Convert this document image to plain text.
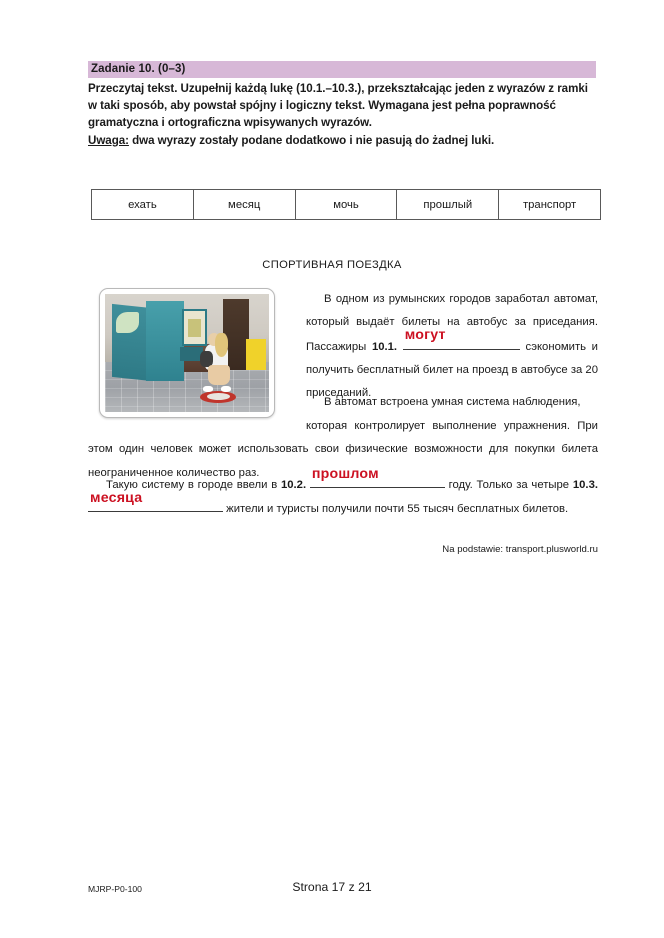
Zadanie 10. (0–3)
Przeczytaj tekst. Uzupełnij każdą lukę (10.1.–10.3.), przekształcając jeden z wyrazów z ramki w taki sposób, aby powstał spójny i logiczny tekst. Wymagana jest pełna poprawność gramatyczna i ortograficzna wpisywanych wyrazów.
Uwaga: dwa wyrazy zostały podane dodatkowo i nie pasują do żadnej luki.
ехать	месяц	мочь	прошлый	транспорт
СПОРТИВНАЯ ПОЕЗДКА
В одном из румынских городов заработал автомат, который выдаёт билеты на автобус за приседания. Пассажиры 10.1.
могут
сэкономить и получить бесплатный билет на проезд в автобусе за 20 приседаний.
В автомат встроена умная система наблюдения,
которая контролирует выполнение упражнения. При этом один человек может использовать свои физические возможности для покупки билета неограниченное количество раз.
Такую систему в городе ввели в 10.2.
прошлом
году. Только за четыре 10.3.
месяца
жители и туристы получили почти 55 тысяч бесплатных билетов.
Na podstawie: transport.plusworld.ru
MJRP-P0-100	Strona 17 z 21
